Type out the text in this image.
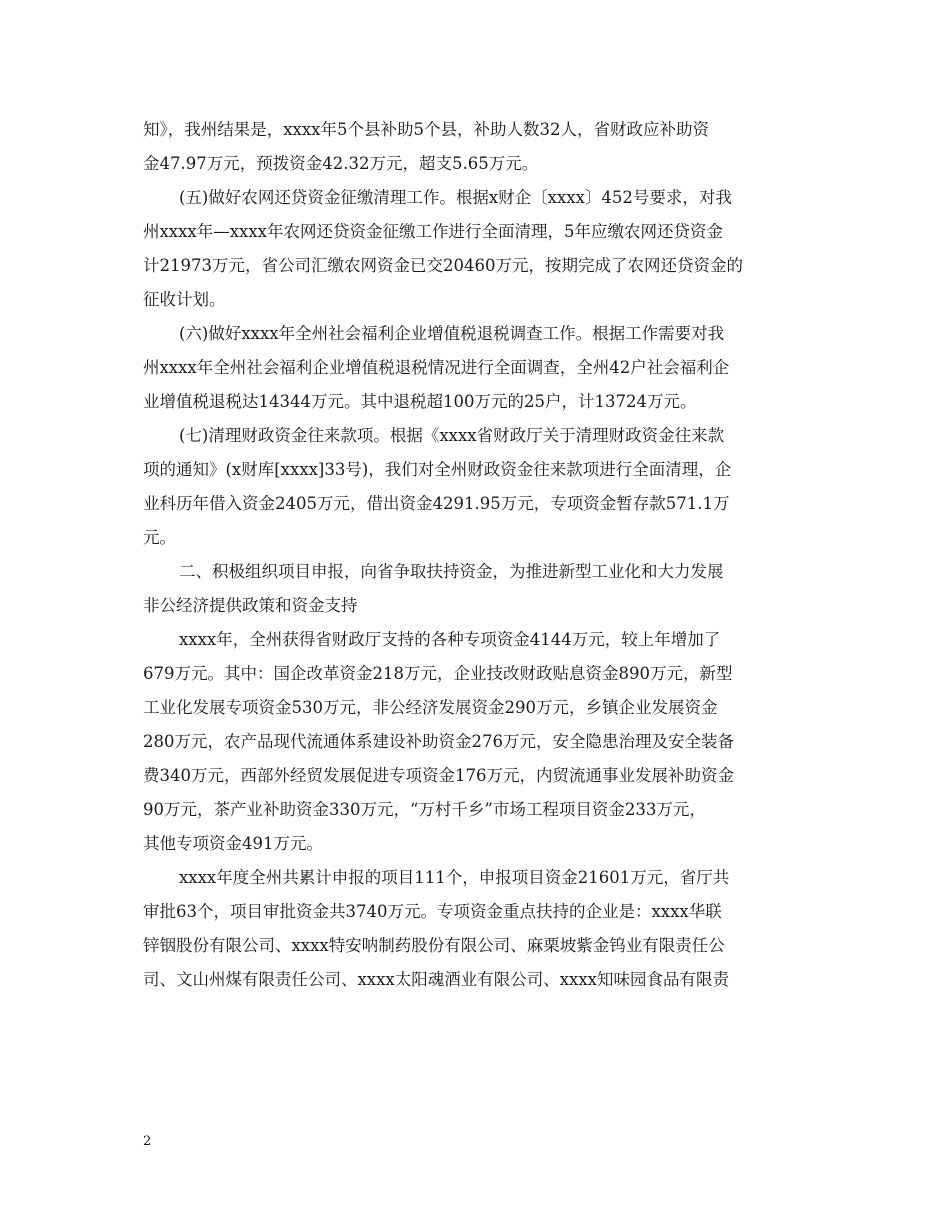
知》，我州结果是，xxxx年5个县补助5个县，补助人数32人，省财政应补助资
金47.97万元，预拨资金42.32万元，超支5.65万元。
(五)做好农网还贷资金征缴清理工作。根据x财企〔xxxx〕452号要求，对我
州xxxx年—xxxx年农网还贷资金征缴工作进行全面清理，5年应缴农网还贷资金
计21973万元，省公司汇缴农网资金已交20460万元，按期完成了农网还贷资金的
征收计划。
(六)做好xxxx年全州社会福利企业增值税退税调查工作。根据工作需要对我
州xxxx年全州社会福利企业增值税退税情况进行全面调查，全州42户社会福利企
业增值税退税达14344万元。其中退税超100万元的25户，计13724万元。
(七)清理财政资金往来款项。根据《xxxx省财政厅关于清理财政资金往来款
项的通知》(x财库[xxxx]33号)，我们对全州财政资金往来款项进行全面清理，企
业科历年借入资金2405万元，借出资金4291.95万元，专项资金暂存款571.1万
元。
二、积极组织项目申报，向省争取扶持资金，为推进新型工业化和大力发展
非公经济提供政策和资金支持
xxxx年，全州获得省财政厅支持的各种专项资金4144万元，较上年增加了
679万元。其中：国企改革资金218万元，企业技改财政贴息资金890万元，新型
工业化发展专项资金530万元，非公经济发展资金290万元，乡镇企业发展资金
280万元，农产品现代流通体系建设补助资金276万元，安全隐患治理及安全装备
费340万元，西部外经贸发展促进专项资金176万元，内贸流通事业发展补助资金
90万元，茶产业补助资金330万元，“万村千乡”市场工程项目资金233万元，
其他专项资金491万元。
xxxx年度全州共累计申报的项目111个，申报项目资金21601万元，省厅共
审批63个，项目审批资金共3740万元。专项资金重点扶持的企业是：xxxx华联
锌铟股份有限公司、xxxx特安呐制药股份有限公司、麻栗坡紫金钨业有限责任公
司、文山州煤有限责任公司、xxxx太阳魂酒业有限公司、xxxx知味园食品有限责
2
